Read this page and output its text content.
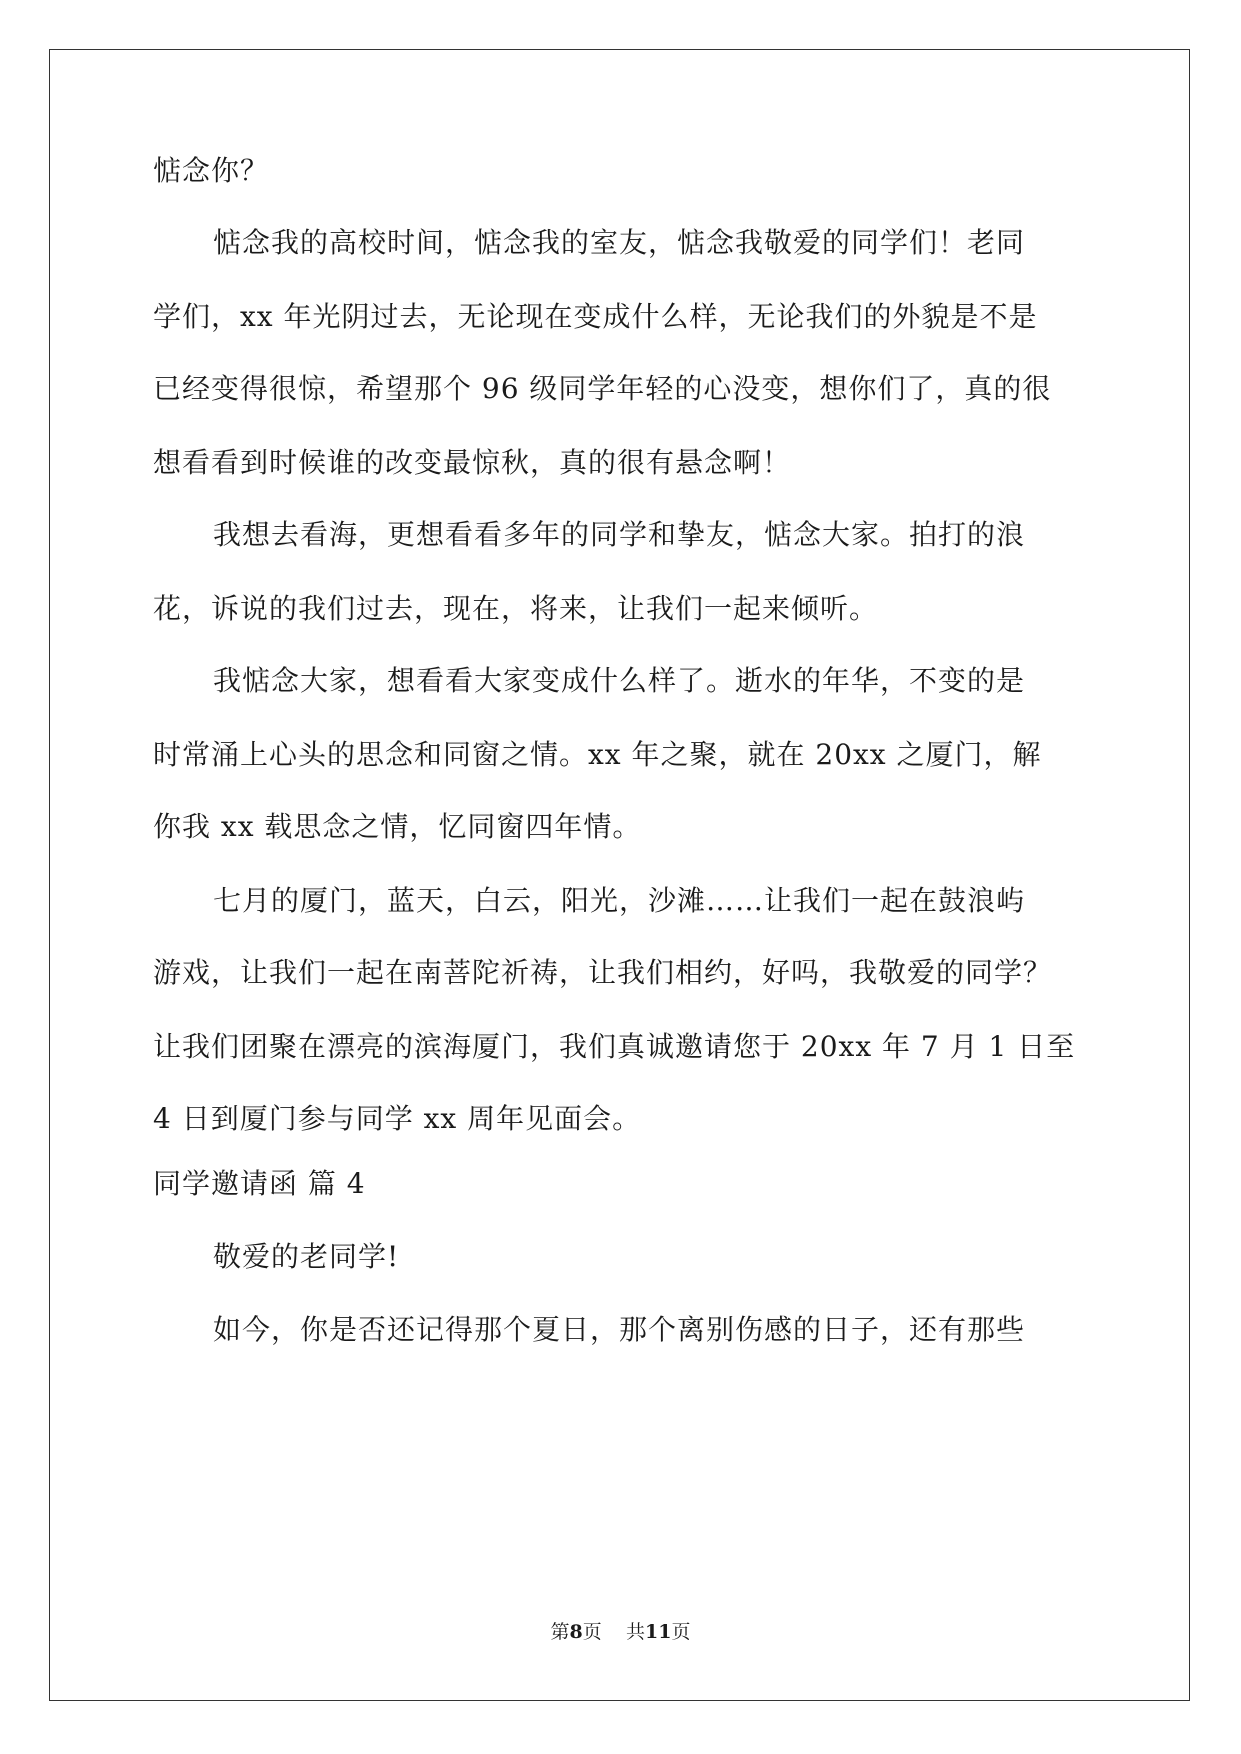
惦念你？
惦念我的高校时间，惦念我的室友，惦念我敬爱的同学们！老同
学们，xx 年光阴过去，无论现在变成什么样，无论我们的外貌是不是
已经变得很惊，希望那个 96 级同学年轻的心没变，想你们了，真的很
想看看到时候谁的改变最惊秋，真的很有悬念啊！
我想去看海，更想看看多年的同学和挚友，惦念大家。拍打的浪
花，诉说的我们过去，现在，将来，让我们一起来倾听。
我惦念大家，想看看大家变成什么样了。逝水的年华，不变的是
时常涌上心头的思念和同窗之情。xx 年之聚，就在 20xx 之厦门，解
你我 xx 载思念之情，忆同窗四年情。
七月的厦门，蓝天，白云，阳光，沙滩……让我们一起在鼓浪屿
游戏，让我们一起在南菩陀祈祷，让我们相约，好吗，我敬爱的同学？
让我们团聚在漂亮的滨海厦门，我们真诚邀请您于 20xx 年 7 月 1 日至
4 日到厦门参与同学 xx 周年见面会。
同学邀请函 篇 4
敬爱的老同学!
如今，你是否还记得那个夏日，那个离别伤感的日子，还有那些
第8页 共11页
